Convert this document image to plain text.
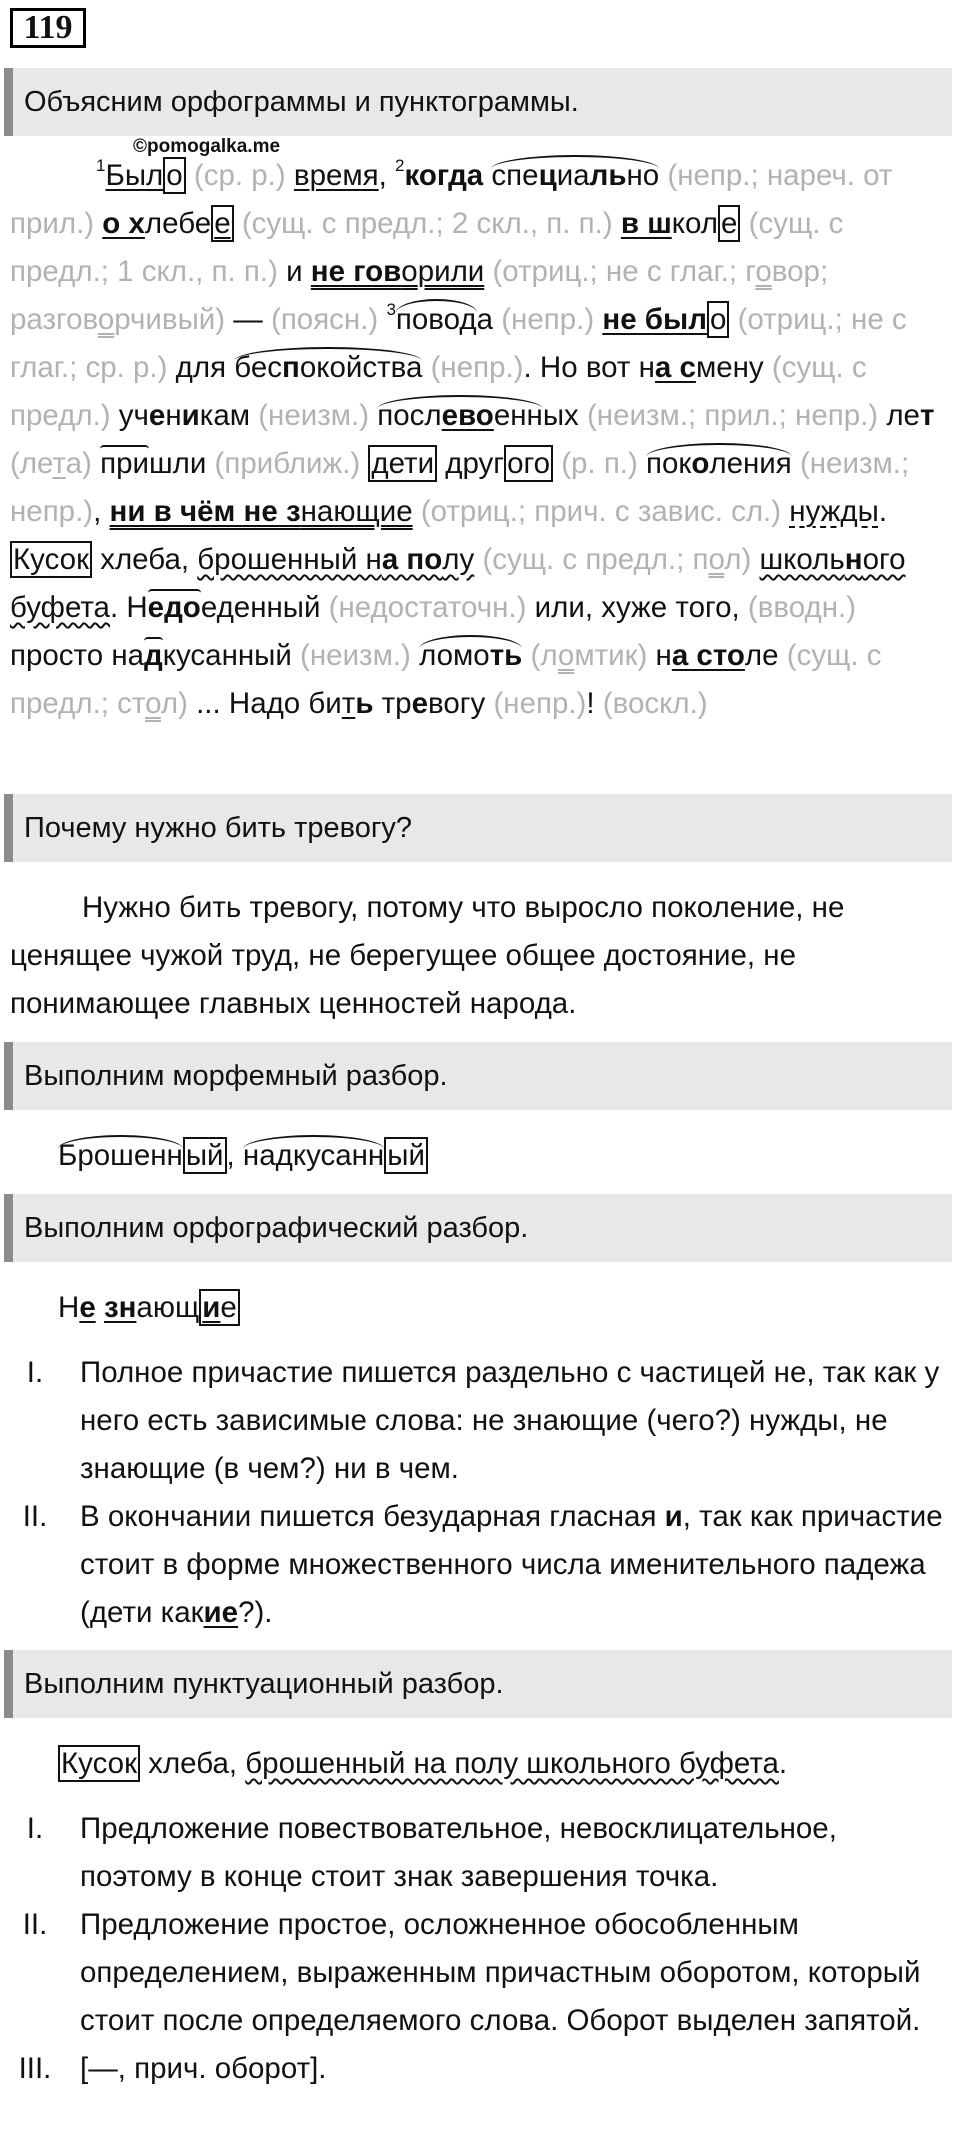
119
Объясним орфограммы и пунктограммы.
©pomogalka.me
$^1$Был о (ср. р.) время, $^2$когда специально (непр.; нареч. от прил.) о хлебе е (сущ. с предл.; 2 скл., п. п.) в школ е (сущ. с предл.; 1 скл., п. п.) и не говорили (отриц.; не с глаг.; говор; разговорчивый) — (поясн.) $^3$повода (непр.) не был о (отриц.; не с глаг.; ср. р.) для беспокойства (непр.). Но вот на смену (сущ. с предл.) ученикам (неизм.) послевоенных (неизм.; прил.; непр.) лет (лета) пришли (приближ.) дети друг ого (р. п.) поколения (неизм.; непр.), ни в чём не знающие (отриц.; прич. с завис. сл.) нужды. Кусок хлеба, брошенный на полу (сущ. с предл.; пол) школьного буфета. Недоеденный (недостаточн.) или, хуже того, (вводн.) просто надкусанный (неизм.) ломоть (ломтик) на столе (сущ. с предл.; стол) ... Надо бить тревогу (непр.)! (воскл.)
Почему нужно бить тревогу?
Нужно бить тревогу, потому что выросло поколение, не ценящее чужой труд, не берегущее общее достояние, не понимающее главных ценностей народа.
Выполним морфемный разбор.
Брошенн ый , надкусанн ый
Выполним орфографический разбор.
Не знающ ие
I.	Полное причастие пишется раздельно с частицей не, так как у него есть зависимые слова: не знающие (чего?) нужды, не знающие (в чем?) ни в чем.
II.	В окончании пишется безударная гласная и, так как причастие стоит в форме множественного числа именительного падежа (дети какие?).
Выполним пунктуационный разбор.
Кусок хлеба, брошенный на полу школьного буфета.
I.	Предложение повествовательное, невосклицательное, поэтому в конце стоит знак завершения точка.
II.	Предложение простое, осложненное обособленным определением, выраженным причастным оборотом, который стоит после определяемого слова. Оборот выделен запятой.
III. [—, прич. оборот].
